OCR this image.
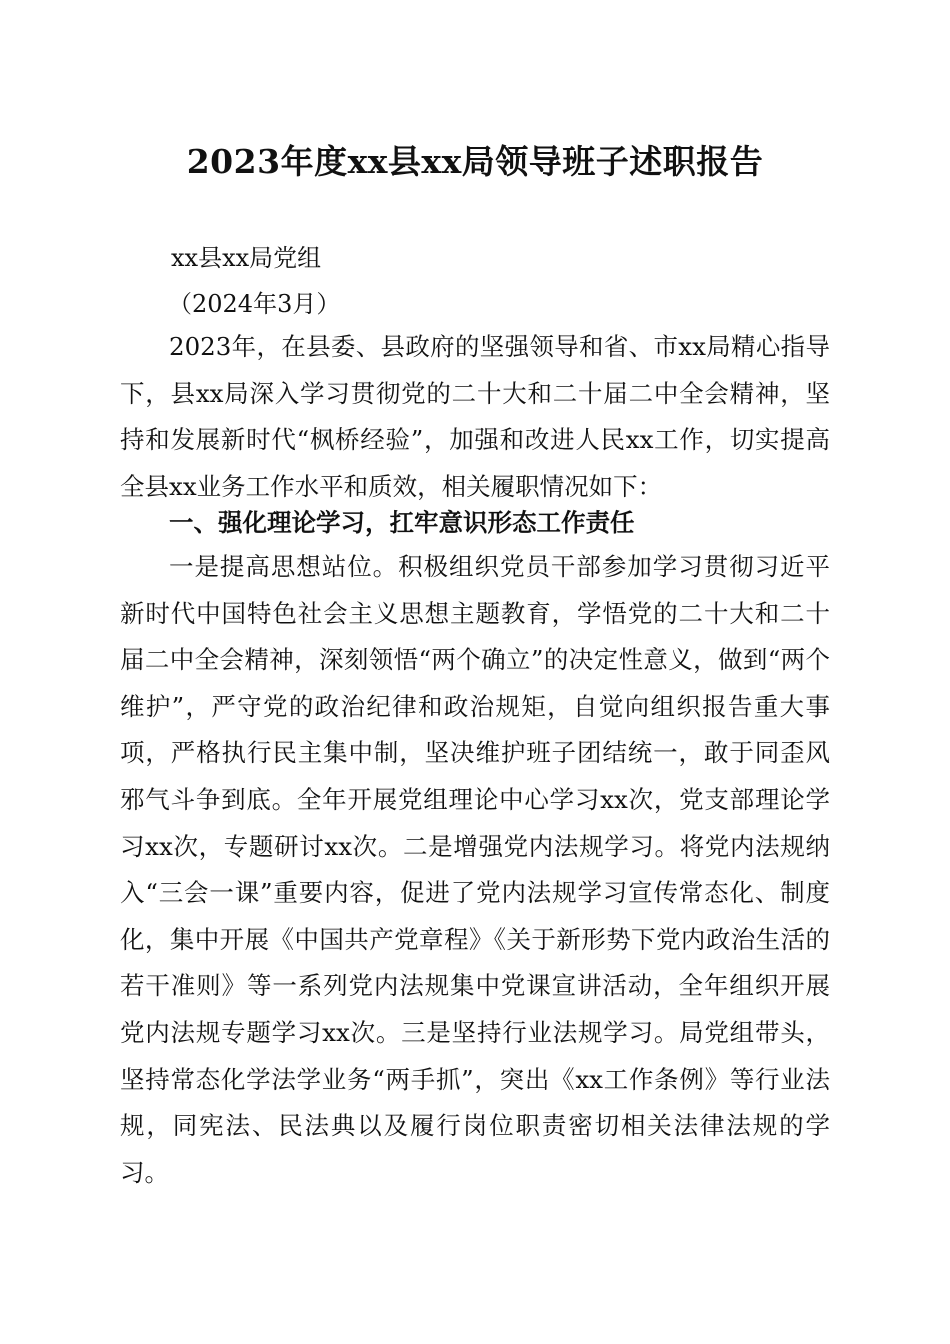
2023年度xx县xx局领导班子述职报告
xx县xx局党组
（2024年3月）

2023年，在县委、县政府的坚强领导和省、市xx局精心指导下，县xx局深入学习贯彻党的二十大和二十届二中全会精神，坚持和发展新时代“枫桥经验”，加强和改进人民xx工作，切实提高全县xx业务工作水平和质效，相关履职情况如下：

一、强化理论学习，扛牢意识形态工作责任

一是提高思想站位。积极组织党员干部参加学习贯彻习近平新时代中国特色社会主义思想主题教育，学悟党的二十大和二十届二中全会精神，深刻领悟“两个确立”的决定性意义，做到“两个维护”，严守党的政治纪律和政治规矩，自觉向组织报告重大事项，严格执行民主集中制，坚决维护班子团结统一，敢于同歪风邪气斗争到底。全年开展党组理论中心学习xx次，党支部理论学习xx次，专题研讨xx次。二是增强党内法规学习。将党内法规纳入“三会一课”重要内容，促进了党内法规学习宣传常态化、制度化，集中开展《中国共产党章程》《关于新形势下党内政治生活的若干准则》等一系列党内法规集中党课宣讲活动，全年组织开展党内法规专题学习xx次。三是坚持行业法规学习。局党组带头，坚持常态化学法学业务“两手抓”，突出《xx工作条例》等行业法规，同宪法、民法典以及履行岗位职责密切相关法律法规的学习。
